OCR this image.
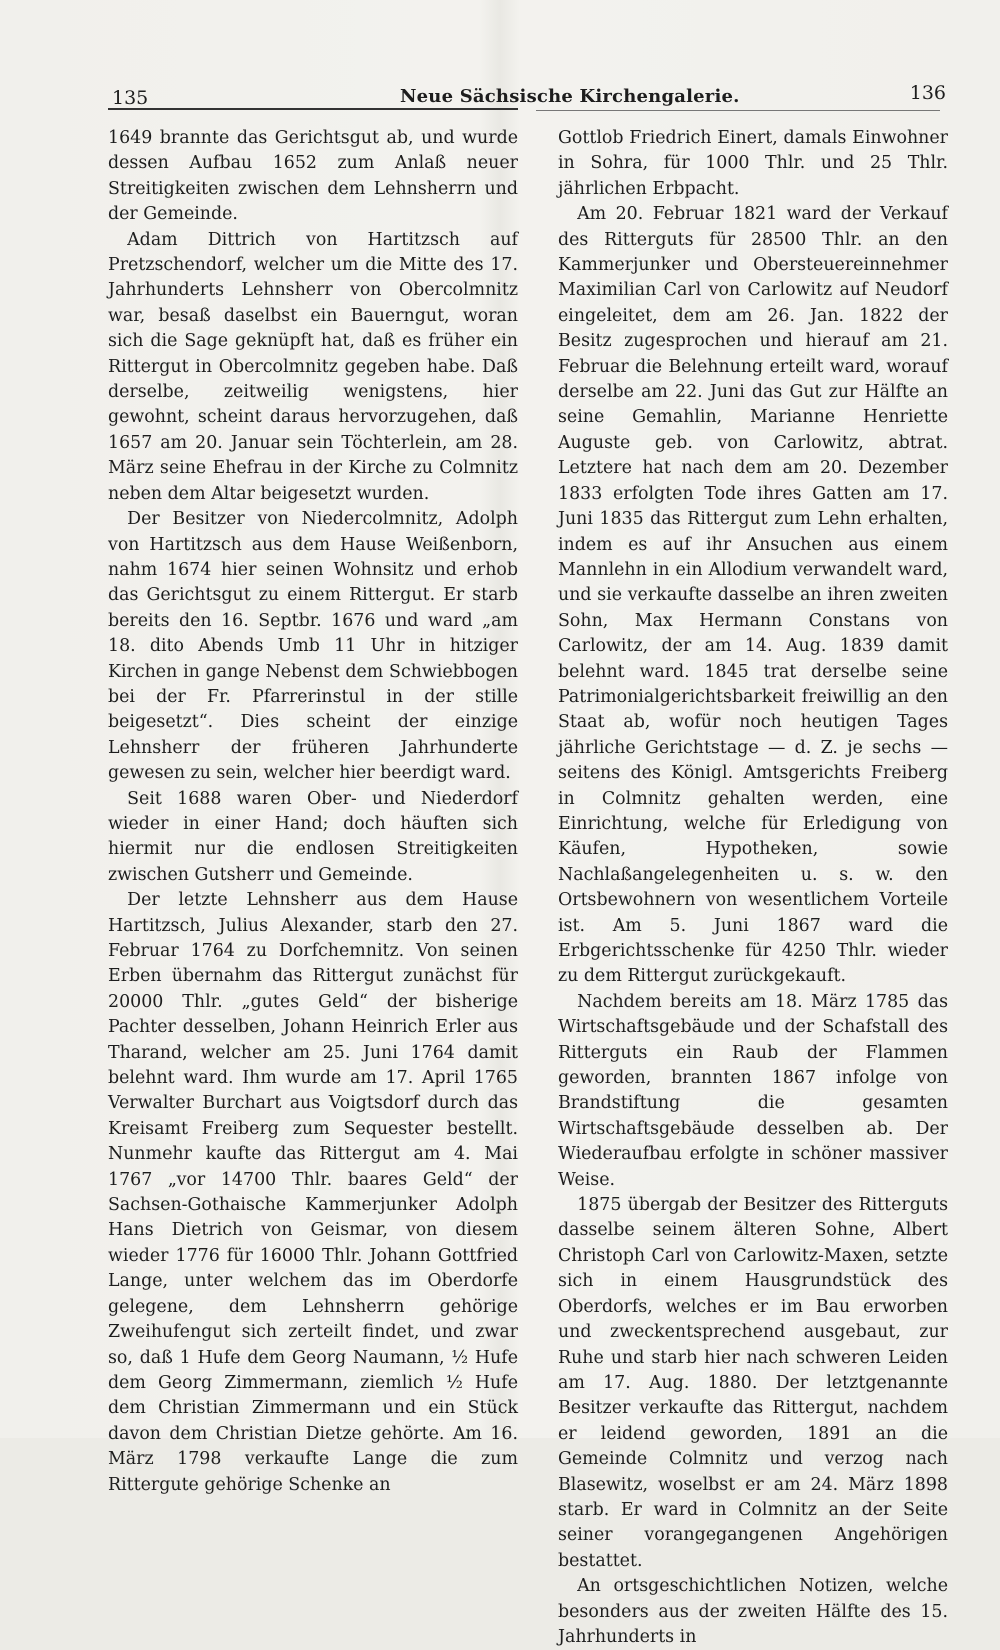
135	Neue Sächsische Kirchengalerie.	136

1649 brannte das Gerichtsgut ab, und wurde dessen Aufbau 1652 zum Anlaß neuer Streitigkeiten zwischen dem Lehnsherrn und der Gemeinde.

Adam Dittrich von Hartitzsch auf Pretzschendorf, welcher um die Mitte des 17. Jahrhunderts Lehnsherr von Obercolmnitz war, besaß daselbst ein Bauerngut, woran sich die Sage geknüpft hat, daß es früher ein Rittergut in Obercolmnitz gegeben habe. Daß derselbe, zeitweilig wenigstens, hier gewohnt, scheint daraus hervorzugehen, daß 1657 am 20. Januar sein Töchterlein, am 28. März seine Ehefrau in der Kirche zu Colmnitz neben dem Altar beigesetzt wurden.

Der Besitzer von Niedercolmnitz, Adolph von Hartitzsch aus dem Hause Weißenborn, nahm 1674 hier seinen Wohnsitz und erhob das Gerichtsgut zu einem Rittergut. Er starb bereits den 16. Septbr. 1676 und ward „am 18. dito Abends Umb 11 Uhr in hitziger Kirchen in gange Nebenst dem Schwiebbogen bei der Fr. Pfarrerinstul in der stille beigesetzt“. Dies scheint der einzige Lehnsherr der früheren Jahrhunderte gewesen zu sein, welcher hier beerdigt ward.

Seit 1688 waren Ober- und Niederdorf wieder in einer Hand; doch häuften sich hiermit nur die endlosen Streitigkeiten zwischen Gutsherr und Gemeinde.

Der letzte Lehnsherr aus dem Hause Hartitzsch, Julius Alexander, starb den 27. Februar 1764 zu Dorfchemnitz. Von seinen Erben übernahm das Rittergut zunächst für 20000 Thlr. „gutes Geld“ der bisherige Pachter desselben, Johann Heinrich Erler aus Tharand, welcher am 25. Juni 1764 damit belehnt ward. Ihm wurde am 17. April 1765 Verwalter Burchart aus Voigtsdorf durch das Kreisamt Freiberg zum Sequester bestellt. Nunmehr kaufte das Rittergut am 4. Mai 1767 „vor 14700 Thlr. baares Geld“ der Sachsen-Gothaische Kammerjunker Adolph Hans Dietrich von Geismar, von diesem wieder 1776 für 16000 Thlr. Johann Gottfried Lange, unter welchem das im Oberdorfe gelegene, dem Lehnsherrn gehörige Zweihufengut sich zerteilt findet, und zwar so, daß 1 Hufe dem Georg Naumann, ½ Hufe dem Georg Zimmermann, ziemlich ½ Hufe dem Christian Zimmermann und ein Stück davon dem Christian Dietze gehörte. Am 16. März 1798 verkaufte Lange die zum Rittergute gehörige Schenke an

Gottlob Friedrich Einert, damals Einwohner in Sohra, für 1000 Thlr. und 25 Thlr. jährlichen Erbpacht.

Am 20. Februar 1821 ward der Verkauf des Ritterguts für 28500 Thlr. an den Kammerjunker und Obersteuereinnehmer Maximilian Carl von Carlowitz auf Neudorf eingeleitet, dem am 26. Jan. 1822 der Besitz zugesprochen und hierauf am 21. Februar die Belehnung erteilt ward, worauf derselbe am 22. Juni das Gut zur Hälfte an seine Gemahlin, Marianne Henriette Auguste geb. von Carlowitz, abtrat. Letztere hat nach dem am 20. Dezember 1833 erfolgten Tode ihres Gatten am 17. Juni 1835 das Rittergut zum Lehn erhalten, indem es auf ihr Ansuchen aus einem Mannlehn in ein Allodium verwandelt ward, und sie verkaufte dasselbe an ihren zweiten Sohn, Max Hermann Constans von Carlowitz, der am 14. Aug. 1839 damit belehnt ward. 1845 trat derselbe seine Patrimonialgerichtsbarkeit freiwillig an den Staat ab, wofür noch heutigen Tages jährliche Gerichtstage — d. Z. je sechs — seitens des Königl. Amtsgerichts Freiberg in Colmnitz gehalten werden, eine Einrichtung, welche für Erledigung von Käufen, Hypotheken, sowie Nachlaßangelegenheiten u. s. w. den Ortsbewohnern von wesentlichem Vorteile ist. Am 5. Juni 1867 ward die Erbgerichtsschenke für 4250 Thlr. wieder zu dem Rittergut zurückgekauft.

Nachdem bereits am 18. März 1785 das Wirtschaftsgebäude und der Schafstall des Ritterguts ein Raub der Flammen geworden, brannten 1867 infolge von Brandstiftung die gesamten Wirtschaftsgebäude desselben ab. Der Wiederaufbau erfolgte in schöner massiver Weise.

1875 übergab der Besitzer des Ritterguts dasselbe seinem älteren Sohne, Albert Christoph Carl von Carlowitz-Maxen, setzte sich in einem Hausgrundstück des Oberdorfs, welches er im Bau erworben und zweckentsprechend ausgebaut, zur Ruhe und starb hier nach schweren Leiden am 17. Aug. 1880. Der letztgenannte Besitzer verkaufte das Rittergut, nachdem er leidend geworden, 1891 an die Gemeinde Colmnitz und verzog nach Blasewitz, woselbst er am 24. März 1898 starb. Er ward in Colmnitz an der Seite seiner vorangegangenen Angehörigen bestattet.

An ortsgeschichtlichen Notizen, welche besonders aus der zweiten Hälfte des 15. Jahrhunderts in
